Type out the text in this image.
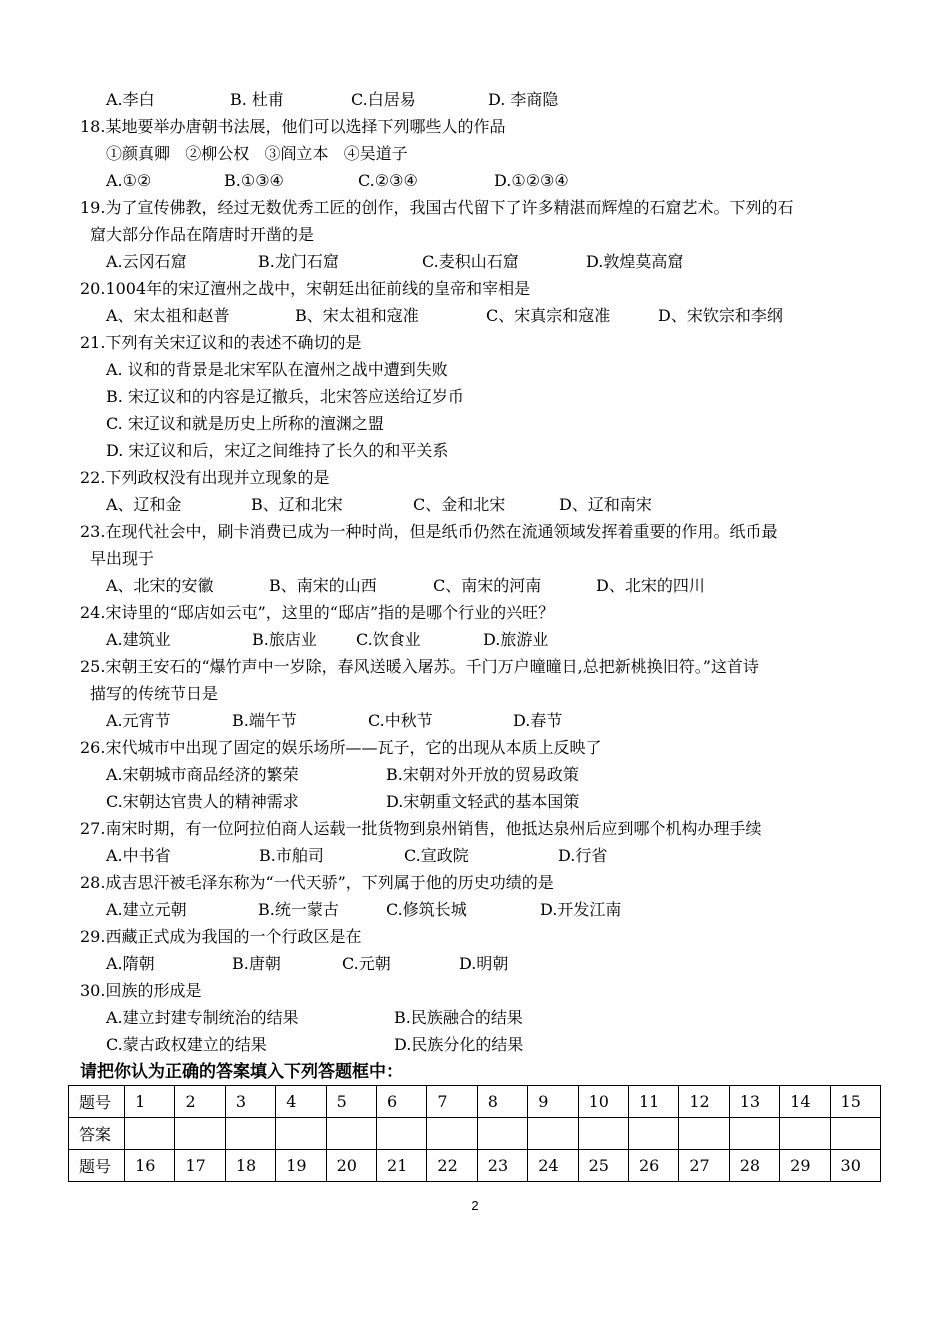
A.李白	B. 杜甫	C.白居易	D. 李商隐
18.某地要举办唐朝书法展，他们可以选择下列哪些人的作品
①颜真卿   ②柳公权   ③阎立本   ④吴道子
A.①②	B.①③④	C.②③④	D.①②③④
19.为了宣传佛教，经过无数优秀工匠的创作，我国古代留下了许多精湛而辉煌的石窟艺术。下列的石
窟大部分作品在隋唐时开凿的是
A.云冈石窟	B.龙门石窟	C.麦积山石窟	D.敦煌莫高窟
20.1004年的宋辽澶州之战中，宋朝廷出征前线的皇帝和宰相是
A、宋太祖和赵普	B、宋太祖和寇准	C、宋真宗和寇准	D、宋钦宗和李纲
21.下列有关宋辽议和的表述不确切的是
A. 议和的背景是北宋军队在澶州之战中遭到失败
B. 宋辽议和的内容是辽撤兵，北宋答应送给辽岁币
C. 宋辽议和就是历史上所称的澶渊之盟
D. 宋辽议和后，宋辽之间维持了长久的和平关系
22.下列政权没有出现并立现象的是
A、辽和金	B、辽和北宋	C、金和北宋	D、辽和南宋
23.在现代社会中，刷卡消费已成为一种时尚，但是纸币仍然在流通领域发挥着重要的作用。纸币最
早出现于
A、北宋的安徽	B、南宋的山西	C、南宋的河南	D、北宋的四川
24.宋诗里的“邸店如云屯”，这里的“邸店”指的是哪个行业的兴旺？
A.建筑业	B.旅店业 C.饮食业	D.旅游业
25.宋朝王安石的“爆竹声中一岁除，春风送暖入屠苏。千门万户曈曈日,总把新桃换旧符。”这首诗
描写的传统节日是
A.元宵节	B.端午节	C.中秋节	D.春节
26.宋代城市中出现了固定的娱乐场所——瓦子，它的出现从本质上反映了
A.宋朝城市商品经济的繁荣	B.宋朝对外开放的贸易政策
C.宋朝达官贵人的精神需求	D.宋朝重文轻武的基本国策
27.南宋时期，有一位阿拉伯商人运载一批货物到泉州销售，他抵达泉州后应到哪个机构办理手续
A.中书省	B.市舶司	C.宣政院	D.行省
28.成吉思汗被毛泽东称为“一代天骄”，下列属于他的历史功绩的是
A.建立元朝	B.统一蒙古	C.修筑长城	D.开发江南
29.西藏正式成为我国的一个行政区是在
A.隋朝	B.唐朝	C.元朝	D.明朝
30.回族的形成是
A.建立封建专制统治的结果	B.民族融合的结果
C.蒙古政权建立的结果	D.民族分化的结果
请把你认为正确的答案填入下列答题框中：
题号	1	2	3	4	5	6	7	8	9	10	11	12	13	14	15
答案															
题号	16	17	18	19	20	21	22	23	24	25	26	27	28	29	30
2
